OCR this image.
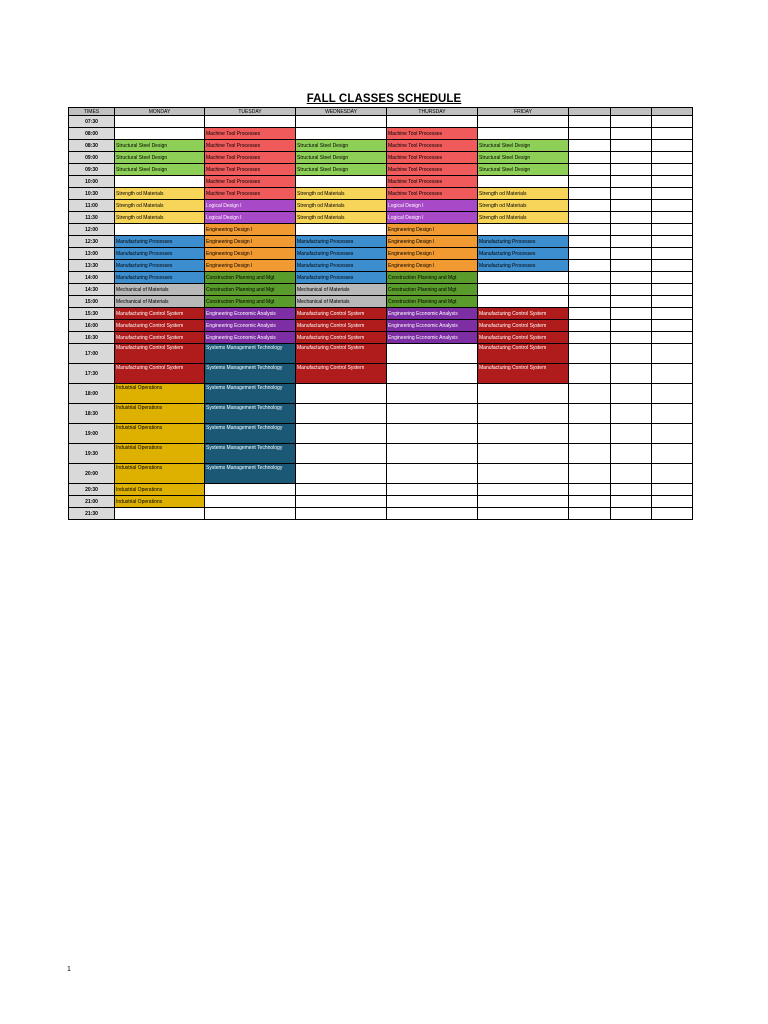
FALL CLASSES SCHEDULE
TIMES	MONDAY	TUESDAY	WEDNESDAY	THURSDAY	FRIDAY			
07:30								
08:00		Machine Tool Processes		Machine Tool Processes				

08:30	Structural Steel Design	Machine Tool Processes	Structural Steel Design	Machine Tool Processes	Structural Steel Design			

09:00	Structural Steel Design	Machine Tool Processes	Structural Steel Design	Machine Tool Processes	Structural Steel Design			

09:30	Structural Steel Design	Machine Tool Processes	Structural Steel Design	Machine Tool Processes	Structural Steel Design			

10:00		Machine Tool Processes		Machine Tool Processes				

10:30	Strength od Materials	Machine Tool Processes	Strength od Materials	Machine Tool Processes	Strength od Materials			

11:00	Strength od Materials	Logical Design I	Strength od Materials	Logical Design I	Strength od Materials			

11:30	Strength od Materials	Logical Design I	Strength od Materials	Logical Design I	Strength od Materials			

12:00		Engineering Design I		Engineering Design I				

12:30	Manufacturing Processes	Engineering Design I	Manufacturing Processes	Engineering Design I	Manufacturing Processes			

13:00	Manufacturing Processes	Engineering Design I	Manufacturing Processes	Engineering Design I	Manufacturing Processes			

13:30	Manufacturing Processes	Engineering Design I	Manufacturing Processes	Engineering Design I	Manufacturing Processes			

14:00	Manufacturing Processes	Construction Planning and Mgt	Manufacturing Processes	Construction Planning and Mgt				

14:30	Mechanical of Materials	Construction Planning and Mgt	Mechanical of Materials	Construction Planning and Mgt				

15:00	Mechanical of Materials	Construction Planning and Mgt	Mechanical of Materials	Construction Planning and Mgt				

15:30	Manufacturing Control System	Engineering Economic Analysis	Manufacturing Control System	Engineering Economic Analysis	Manufacturing Control System			

16:00	Manufacturing Control System	Engineering Economic Analysis	Manufacturing Control System	Engineering Economic Analysis	Manufacturing Control System			

16:30	Manufacturing Control System	Engineering Economic Analysis	Manufacturing Control System	Engineering Economic Analysis	Manufacturing Control System			

17:00	Manufacturing Control System	Systems Management Technology	Manufacturing Control System		Manufacturing Control System			

17:30	Manufacturing Control System	Systems Management Technology	Manufacturing Control System		Manufacturing Control System			

18:00	Industrial Operations	Systems Management Technology						

18:30	Industrial Operations	Systems Management Technology						

19:00	Industrial Operations	Systems Management Technology						

19:30	Industrial Operations	Systems Management Technology						

20:00	Industrial Operations	Systems Management Technology						

20:30	Industrial Operations							

21:00	Industrial Operations							

21:30								
1
